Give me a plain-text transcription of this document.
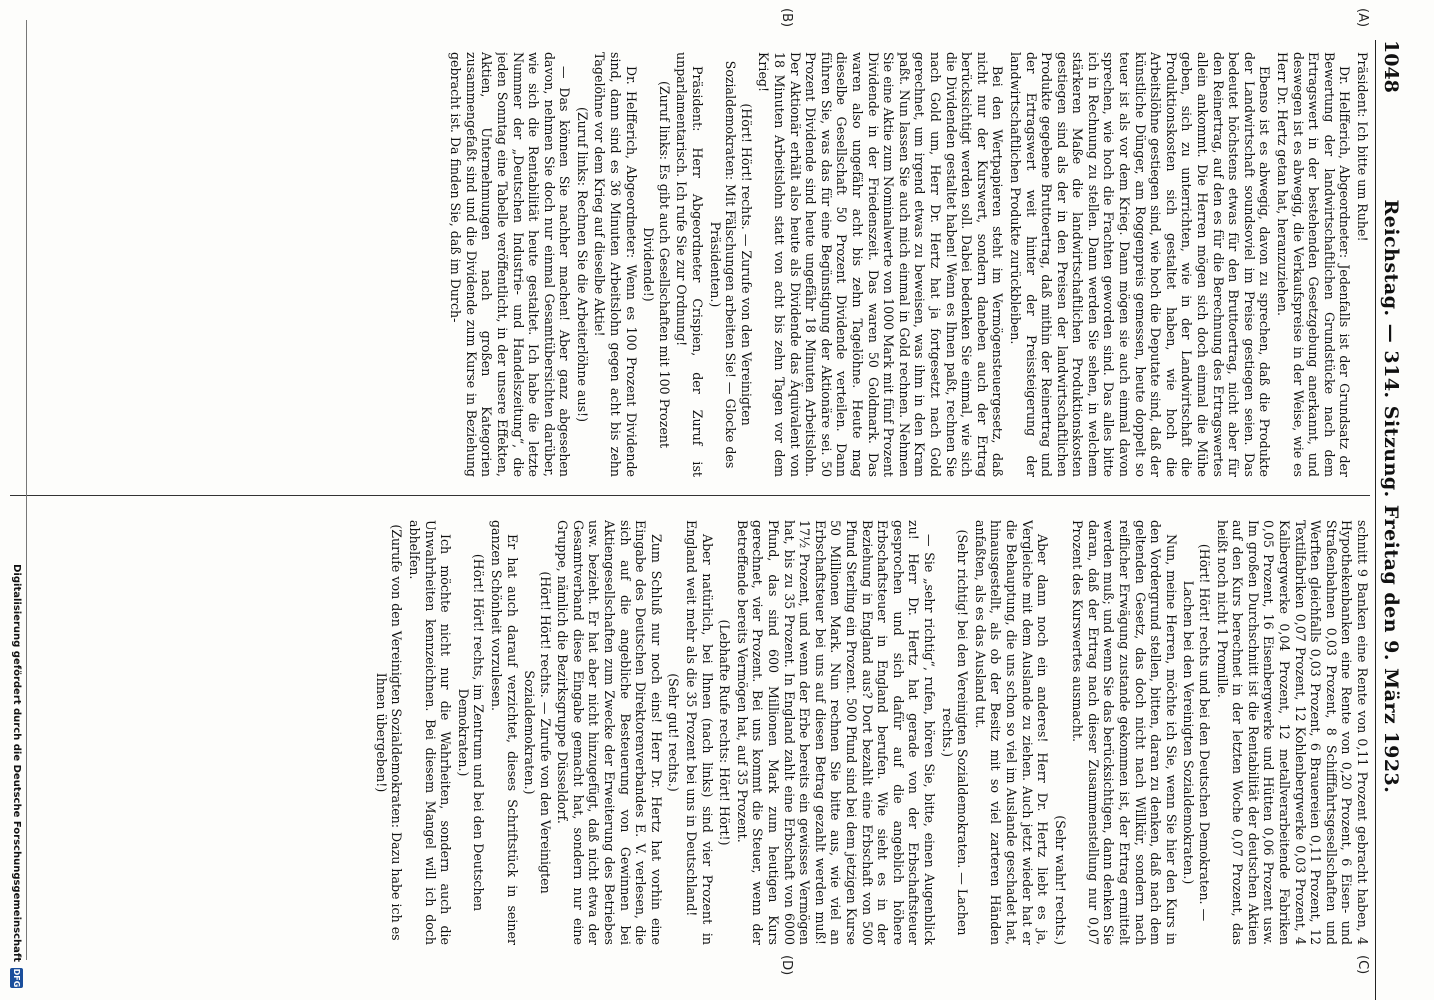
1048
Reichstag. — 314. Sitzung. Freitag den 9. März 1923.
(A)
(B)
(C)
(D)

Präsident: Ich bitte um Ruhe!

Dr. Helfferich, Abgeordneter: Jedenfalls ist der Grundsatz der Bewertung der landwirtschaftlichen Grundstücke nach dem Ertragswert in der bestehenden Gesetzgebung anerkannt, und deswegen ist es abwegig, die Verkaufspreise in der Weise, wie es Herr Dr. Hertz getan hat, heranzuziehen.

Ebenso ist es abwegig, davon zu sprechen, daß die Produkte der Landwirtschaft soundsoviel im Preise gestiegen seien. Das bedeutet höchstens etwas für den Bruttoertrag, nicht aber für den Reinertrag, auf den es für die Berechnung des Ertragswertes allein ankommt. Die Herren mögen sich doch einmal die Mühe geben, sich zu unterrichten, wie in der Landwirtschaft die Produktionskosten sich gestaltet haben, wie hoch die Arbeitslöhne gestiegen sind, wie hoch die Deputate sind, daß der künstliche Dünger, am Roggenpreis gemessen, heute doppelt so teuer ist als vor dem Krieg. Dann mögen sie auch einmal davon sprechen, wie hoch die Frachten geworden sind. Das alles bitte ich in Rechnung zu stellen. Dann werden Sie sehen, in welchem stärkeren Maße die landwirtschaftlichen Produktionskosten gestiegen sind als der in den Preisen der landwirtschaftlichen Produkte gegebene Bruttoertrag, daß mithin der Reinertrag und der Ertragswert weit hinter der Preissteigerung der landwirtschaftlichen Produkte zurückbleiben.

Bei den Wertpapieren steht im Vermögensteuergesetz, daß nicht nur der Kurswert, sondern daneben auch der Ertrag berücksichtigt werden soll. Dabei bedenken Sie einmal, wie sich die Dividenden gestaltet haben! Wenn es Ihnen paßt, rechnen Sie nach Gold um, Herr Dr. Hertz hat ja fortgesetzt nach Gold gerechnet, um irgend etwas zu beweisen, was ihm in den Kram paßt. Nun lassen Sie auch mich einmal in Gold rechnen. Nehmen Sie eine Aktie zum Nominalwerte von 1000 Mark mit fünf Prozent Dividende in der Friedenszeit. Das waren 50 Goldmark. Das waren also ungefähr acht bis zehn Tagelöhne. Heute mag dieselbe Gesellschaft 50 Prozent Dividende verteilen. Dann führen Sie, was das für eine Begünstigung der Aktionäre sei. 50 Prozent Dividende sind heute ungefähr 18 Minuten Arbeitslohn. Der Aktionär erhält also heute als Dividende das Äquivalent von 18 Minuten Arbeitslohn statt von acht bis zehn Tagen vor dem Krieg!

(Hört! Hört! rechts. — Zurufe von den Vereinigten Sozialdemokraten: Mit Fälschungen arbeiten Sie! — Glocke des Präsidenten.)

Präsident: Herr Abgeordneter Crispien, der Zuruf ist unparlamentarisch. Ich rufe Sie zur Ordnung!

(Zuruf links: Es gibt auch Gesellschaften mit 100 Prozent Dividende!)

Dr. Helfferich, Abgeordneter: Wenn es 100 Prozent Dividende sind, dann sind es 36 Minuten Arbeitslohn gegen acht bis zehn Tagelöhne vor dem Krieg auf dieselbe Aktie!

(Zuruf links: Rechnen Sie die Arbeiterlöhne aus!)

— Das können Sie nachher machen! Aber ganz abgesehen davon, nehmen Sie doch nur einmal Gesamtübersichten darüber, wie sich die Rentabilität heute gestaltet. Ich habe die letzte Nummer der „Deutschen Industrie- und Handelszeitung“, die jeden Sonntag eine Tabelle veröffentlicht, in der unsere Effekten, Aktien, Unternehmungen nach großen Kategorien zusammengefaßt sind und die Dividende zum Kurse in Beziehung gebracht ist. Da finden Sie, daß im Durch-

schnitt 9 Banken eine Rente von 0,11 Prozent gebracht haben, 4 Hypothekenbanken eine Rente von 0,20 Prozent, 6 Eisen- und Straßenbahnen 0,03 Prozent, 8 Schifffahrtsgesellschaften und Werften gleichfalls 0,03 Prozent, 6 Brauereien 0,11 Prozent, 12 Textilfabriken 0,07 Prozent, 12 Kohlenbergwerke 0,03 Prozent, 4 Kalibergwerke 0,04 Prozent, 12 metallverarbeitende Fabriken 0,05 Prozent, 16 Eisenbergwerke und Hütten 0,06 Prozent usw. Im großen Durchschnitt ist die Rentabilität der deutschen Aktien auf den Kurs berechnet in der letzten Woche 0,07 Prozent, das heißt noch nicht 1 Promille.

(Hört! Hört! rechts und bei den Deutschen Demokraten. — Lachen bei den Vereinigten Sozialdemokraten.)

Nun, meine Herren, möchte ich Sie, wenn Sie hier den Kurs in den Vordergrund stellen, bitten, daran zu denken, daß nach dem geltenden Gesetz, das doch nicht nach Willkür, sondern nach reiflicher Erwägung zustande gekommen ist, der Ertrag ermittelt werden muß; und wenn Sie das berücksichtigen, dann denken Sie daran, daß der Ertrag nach dieser Zusammenstellung nur 0,07 Prozent des Kurswertes ausmacht.

(Sehr wahr! rechts.)

Aber dann noch ein anderes! Herr Dr. Hertz liebt es ja, Vergleiche mit dem Auslande zu ziehen. Auch jetzt wieder hat er die Behauptung, die uns schon so viel im Auslande geschadet hat, hinausgestellt, als ob der Besitz mit so viel zarteren Händen anfaßten, als es das Ausland tut.

(Sehr richtig! bei den Vereinigten Sozialdemokraten. — Lachen rechts.)

— Sie „sehr richtig“, rufen, hören Sie, bitte, einen Augenblick zu! Herr Dr. Hertz hat gerade von der Erbschaftsteuer gesprochen und sich dafür auf die angeblich höhere Erbschaftsteuer in England berufen. Wie sieht es in der Beziehung in England aus? Dort bezahlt eine Erbschaft von 500 Pfund Sterling ein Prozent. 500 Pfund sind bei dem jetzigen Kurse 50 Millionen Mark. Nun rechnen Sie bitte aus, wie viel an Erbschaftsteuer bei uns auf diesen Betrag gezahlt werden muß! 17½ Prozent, und wenn der Erbe bereits ein gewisses Vermögen hat, bis zu 35 Prozent. In England zahlt eine Erbschaft von 6000 Pfund, das sind 600 Millionen Mark zum heutigen Kurs gerechnet, vier Prozent. Bei uns kommt die Steuer, wenn der Betreffende bereits Vermögen hat, auf 35 Prozent.

(Lebhafte Rufe rechts: Hört! Hört!)

Aber natürlich, bei Ihnen (nach links) sind vier Prozent in England weit mehr als die 35 Prozent bei uns in Deutschland!

(Sehr gut! rechts.)

Zum Schluß nur noch eins! Herr Dr. Hertz hat vorhin eine Eingabe des Deutschen Direktorenverbandes E. V. verlesen, die sich auf die angebliche Besteuerung von Gewinnen bei Aktiengesellschaften zum Zwecke der Erweiterung des Betriebes usw. bezieht. Er hat aber nicht hinzugefügt, daß nicht etwa der Gesamtverband diese Eingabe gemacht hat, sondern nur eine Gruppe, nämlich die Bezirksgruppe Düsseldorf.

(Hört! Hört! rechts. — Zurufe von den Vereinigten Sozialdemokraten.)

Er hat auch darauf verzichtet, dieses Schriftstück in seiner ganzen Schönheit vorzulesen.

(Hört! Hört! rechts, im Zentrum und bei den Deutschen Demokraten.)

Ich möchte nicht nur die Wahrheiten, sondern auch die Unwahrheiten kennzeichnen. Bei diesem Mangel will ich doch abhelfen.

(Zurufe von den Vereinigten Sozialdemokraten: Dazu habe ich es Ihnen übergeben!)

Digitalisierung gefördert durch die Deutsche Forschungsgemeinschaft
DFG
